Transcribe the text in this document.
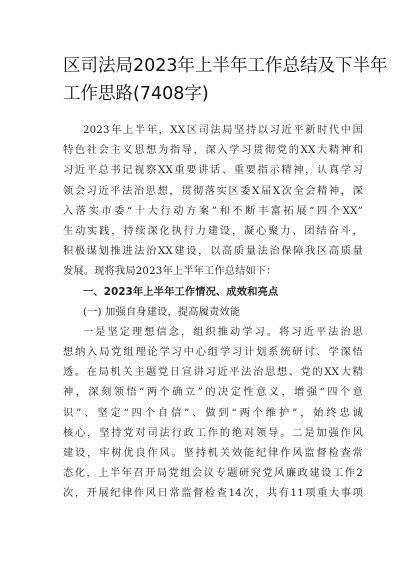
区司法局2023年上半年工作总结及下半年
工作思路(7408字)
2023年上半年，XX区司法局坚持以习近平新时代中国
特色社会主义思想为指导，深入学习贯彻党的XX大精神和
习近平总书记视察XX重要讲话、重要指示精神，认真学习
领会习近平法治思想，贯彻落实区委X届X次全会精神，深
入落实市委“十大行动方案”和不断丰富拓展“四个XX”
生动实践，持续深化执行力建设，凝心聚力、团结奋斗，
积极谋划推进法治XX建设，以高质量法治保障我区高质量
发展。现将我局2023年上半年工作总结如下：
一、2023年上半年工作情况、成效和亮点
(一) 加强自身建设，提高履责效能
一是坚定理想信念，组织推动学习。将习近平法治思
想纳入局党组理论学习中心组学习计划系统研讨、学深悟
透。在局机关主题党日宣讲习近平法治思想、党的XX大精
神，深刻领悟“两个确立”的决定性意义，增强“四个意
识”、坚定“四个自信”、做到“两个维护”，始终忠诚
核心，坚持党对司法行政工作的绝对领导。二是加强作风
建设，牢树优良作风。坚持机关效能纪律作风监督检查常
态化，上半年召开局党组会议专题研究党风廉政建设工作2
次，开展纪律作风日常监督检查14次，共有11项重大事项
